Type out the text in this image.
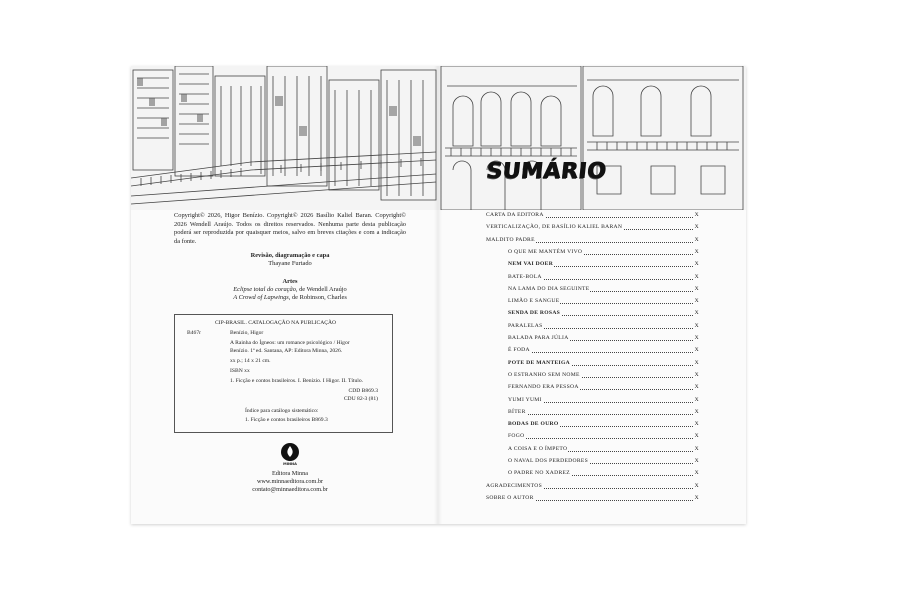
SUMÁRIO
Copyright© 2026, Higor Benízio. Copyright© 2026 Basílio Kaliel Baran. Copyright© 2026 Wendell Araújo. Todos os direitos reservados. Nenhuma parte desta publicação poderá ser reproduzida por quaisquer meios, salvo em breves citações e com a indicação da fonte.
Revisão, diagramação e capa
Thayane Furtado
Artes
Eclipse total do coração, de Wendell Araújo
A Crowd of Lapwings, de Robinson, Charles
CIP-BRASIL. CATALOGAÇÃO NA PUBLICAÇÃO
B467r	Benízio, Higor
A Rainha do Ígneos: um romance psicológico / Higor
Benízio. 1ª ed. Santana, AP: Editora Minna, 2026.
xx p.; 14 x 21 cm.
ISBN xx
1. Ficção e contos brasileiros. I. Benízio. I Higor. II. Título.
CDD B869.3
CDU 82-3 (81)
Índice para catálogo sistemático:
1. Ficção e contos brasileiros B869.3
MINNA
Editora Minna
www.minnaeditora.com.br
contato@minnaeditora.com.br
CARTA DA EDITORA	X
VERTICALIZAÇÃO, DE BASÍLIO KALIEL BARAN	X
MALDITO PADRE	X
O QUE ME MANTÉM VIVO	X
NEM VAI DOER	X
BATE-BOLA	X
NA LAMA DO DIA SEGUINTE	X
LIMÃO E SANGUE	X
SENDA DE ROSAS	X
PARALELAS	X
BALADA PARA JÚLIA	X
É FODA	X
POTE DE MANTEIGA	X
O ESTRANHO SEM NOME	X
FERNANDO ERA PESSOA	X
YUMI YUMI	X
BÍTER	X
BODAS DE OURO	X
FOGO	X
A COISA E O ÍMPETO	X
O NAVAL DOS PERDEDORES	X
O PADRE NO XADREZ	X
AGRADECIMENTOS	X
SOBRE O AUTOR	X
